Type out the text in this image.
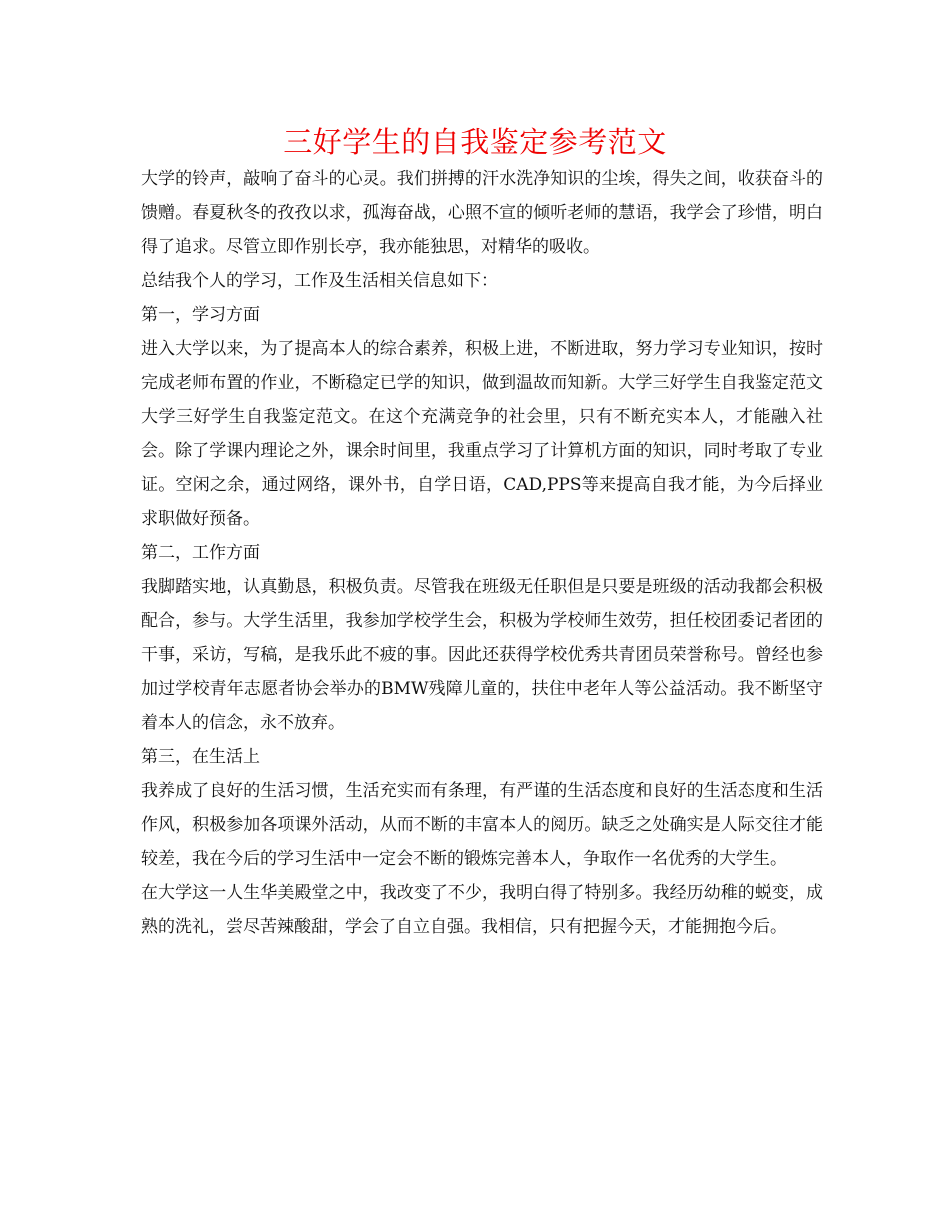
三好学生的自我鉴定参考范文

大学的铃声，敲响了奋斗的心灵。我们拼搏的汗水洗净知识的尘埃，得失之间，收获奋斗的馈赠。春夏秋冬的孜孜以求，孤海奋战，心照不宣的倾听老师的慧语，我学会了珍惜，明白得了追求。尽管立即作别长亭，我亦能独思，对精华的吸收。

总结我个人的学习，工作及生活相关信息如下：

第一，学习方面

进入大学以来，为了提高本人的综合素养，积极上进，不断进取，努力学习专业知识，按时完成老师布置的作业，不断稳定已学的知识，做到温故而知新。大学三好学生自我鉴定范文大学三好学生自我鉴定范文。在这个充满竞争的社会里，只有不断充实本人，才能融入社会。除了学课内理论之外，课余时间里，我重点学习了计算机方面的知识，同时考取了专业证。空闲之余，通过网络，课外书，自学日语，CAD,PPS等来提高自我才能，为今后择业求职做好预备。

第二，工作方面

我脚踏实地，认真勤恳，积极负责。尽管我在班级无任职但是只要是班级的活动我都会积极配合，参与。大学生活里，我参加学校学生会，积极为学校师生效劳，担任校团委记者团的干事，采访，写稿，是我乐此不疲的事。因此还获得学校优秀共青团员荣誉称号。曾经也参加过学校青年志愿者协会举办的BMW残障儿童的，扶住中老年人等公益活动。我不断坚守着本人的信念，永不放弃。

第三，在生活上

我养成了良好的生活习惯，生活充实而有条理，有严谨的生活态度和良好的生活态度和生活作风，积极参加各项课外活动，从而不断的丰富本人的阅历。缺乏之处确实是人际交往才能较差，我在今后的学习生活中一定会不断的锻炼完善本人，争取作一名优秀的大学生。

在大学这一人生华美殿堂之中，我改变了不少，我明白得了特别多。我经历幼稚的蜕变，成熟的洗礼，尝尽苦辣酸甜，学会了自立自强。我相信，只有把握今天，才能拥抱今后。
